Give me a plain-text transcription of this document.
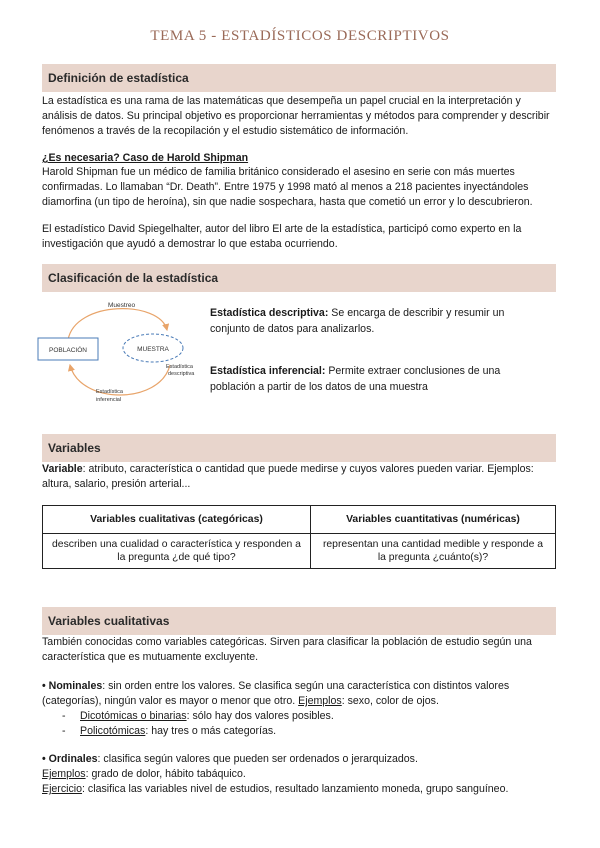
TEMA 5 - ESTADÍSTICOS DESCRIPTIVOS
Definición de estadística
La estadística es una rama de las matemáticas que desempeña un papel crucial en la interpretación y análisis de datos. Su principal objetivo es proporcionar herramientas y métodos para comprender y describir fenómenos a través de la recopilación y el estudio sistemático de información.
¿Es necesaria? Caso de Harold Shipman
Harold Shipman fue un médico de familia británico considerado el asesino en serie con más muertes confirmadas. Lo llamaban “Dr. Death”. Entre 1975 y 1998 mató al menos a 218 pacientes inyectándoles diamorfina (un tipo de heroína), sin que nadie sospechara, hasta que cometió un error y lo descubrieron.
El estadístico David Spiegelhalter, autor del libro El arte de la estadística, participó como experto en la investigación que ayudó a demostrar lo que estaba ocurriendo.
Clasificación de la estadística
Muestreo
POBLACIÓN	MUESTRA
Estadística
descriptiva
Estadística
inferencial
Estadística descriptiva: Se encarga de describir y resumir un conjunto de datos para analizarlos.
Estadística inferencial: Permite extraer conclusiones de una población a partir de los datos de una muestra
Variables
Variable: atributo, característica o cantidad que puede medirse y cuyos valores pueden variar. Ejemplos: altura, salario, presión arterial...
Variables cualitativas (categóricas)	Variables cuantitativas (numéricas)
describen una cualidad o característica y responden a la pregunta ¿de qué tipo?	representan una cantidad medible y responde a la pregunta ¿cuánto(s)?
Variables cualitativas
También conocidas como variables categóricas. Sirven para clasificar la población de estudio según una característica que es mutuamente excluyente.
• Nominales: sin orden entre los valores. Se clasifica según una característica con distintos valores (categorías), ningún valor es mayor o menor que otro. Ejemplos: sexo, color de ojos.
- Dicotómicas o binarias: sólo hay dos valores posibles.
- Policotómicas: hay tres o más categorías.
• Ordinales: clasifica según valores que pueden ser ordenados o jerarquizados.
Ejemplos: grado de dolor, hábito tabáquico.
Ejercicio: clasifica las variables nivel de estudios, resultado lanzamiento moneda, grupo sanguíneo.
